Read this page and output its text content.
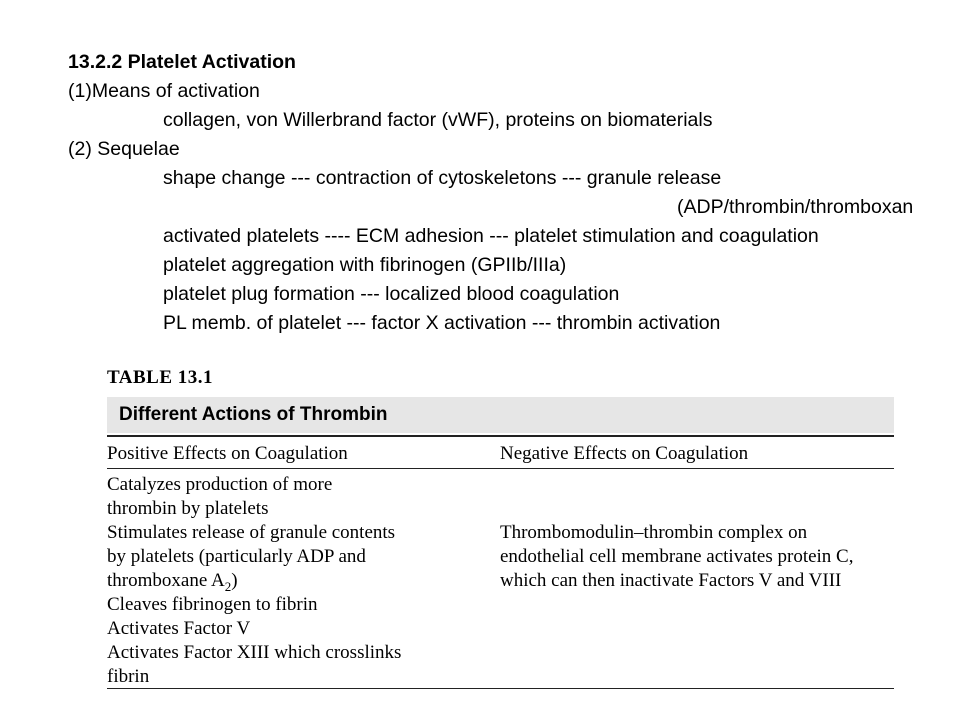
13.2.2 Platelet Activation
(1)Means of activation
collagen, von Willerbrand factor (vWF), proteins on biomaterials
(2) Sequelae
shape change --- contraction of cytoskeletons --- granule release
(ADP/thrombin/thromboxan
activated platelets ---- ECM adhesion --- platelet stimulation and coagulation
platelet aggregation with fibrinogen (GPIIb/IIIa)
platelet plug formation --- localized blood coagulation
PL memb. of platelet --- factor X activation --- thrombin activation
TABLE 13.1
Different Actions of Thrombin
Positive Effects on Coagulation	Negative Effects on Coagulation
Catalyzes production of more
thrombin by platelets
Stimulates release of granule contents
by platelets (particularly ADP and
thromboxane $A_2$)
Cleaves fibrinogen to fibrin
Activates Factor V
Activates Factor XIII which crosslinks
fibrin
Thrombomodulin–thrombin complex on
endothelial cell membrane activates protein C,
which can then inactivate Factors V and VIII
